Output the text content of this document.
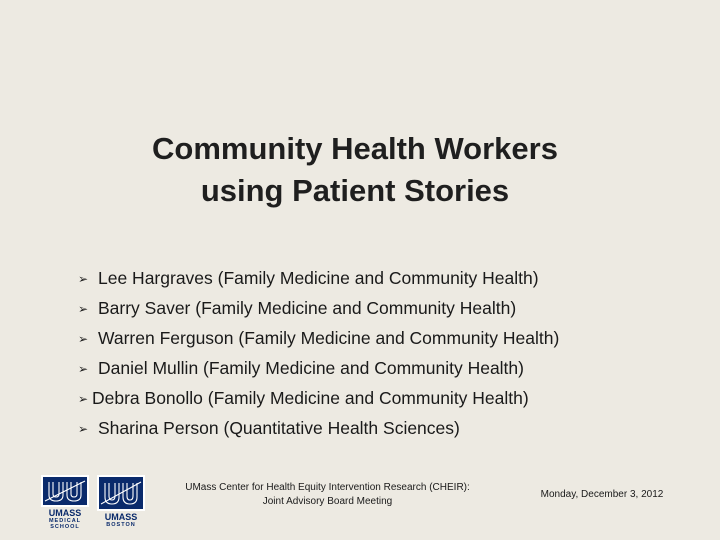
Community Health Workers
using Patient Stories
➢ Lee Hargraves (Family Medicine and Community Health)
➢ Barry Saver (Family Medicine and Community Health)
➢ Warren Ferguson (Family Medicine and Community Health)
➢ Daniel Mullin (Family Medicine and Community Health)
➢ Debra Bonollo (Family Medicine and Community Health)
➢ Sharina Person (Quantitative Health Sciences)
UMASS
MEDICAL
SCHOOL
UMASS
BOSTON
UMass Center for Health Equity Intervention Research (CHEIR):
Joint Advisory Board Meeting
Monday, December 3, 2012
